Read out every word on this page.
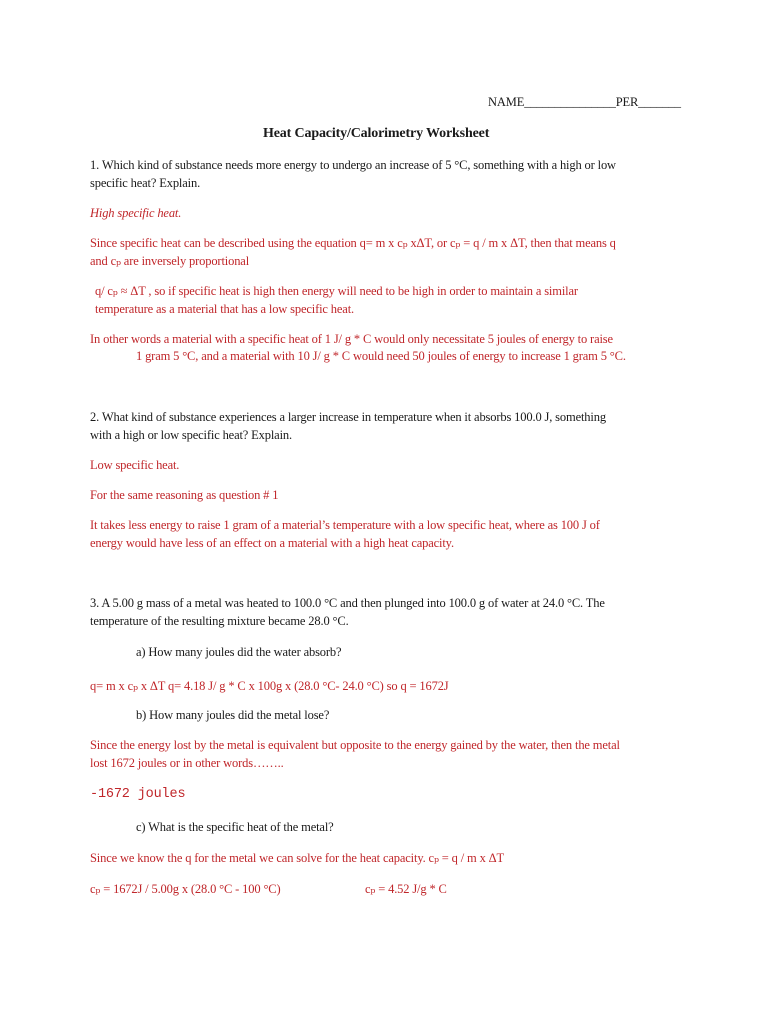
NAME_______________PER_______
Heat Capacity/Calorimetry Worksheet
1. Which kind of substance needs more energy to undergo an increase of 5 °C, something with a high or low
specific heat? Explain.
High specific heat.
Since specific heat can be described using the equation q= m x cₚ xΔT, or cₚ = q / m x ΔT, then that means q
and cₚ are inversely proportional
q/ cₚ ≈ ΔT , so if specific heat is high then energy will need to be high in order to maintain a similar
temperature as a material that has a low specific heat.
In other words a material with a specific heat of 1 J/ g * C would only necessitate 5 joules of energy to raise
1 gram 5 °C, and a material with 10 J/ g * C would need 50 joules of energy to increase 1 gram 5 °C.
2. What kind of substance experiences a larger increase in temperature when it absorbs 100.0 J, something
with a high or low specific heat? Explain.
Low specific heat.
For the same reasoning as question # 1
It takes less energy to raise 1 gram of a material’s temperature with a low specific heat, where as 100 J of
energy would have less of an effect on a material with a high heat capacity.
3. A 5.00 g mass of a metal was heated to 100.0 °C and then plunged into 100.0 g of water at 24.0 °C. The
temperature of the resulting mixture became 28.0 °C.
a) How many joules did the water absorb?
q= m x cₚ x ΔT q= 4.18 J/ g * C x 100g x (28.0 °C- 24.0 °C) so q = 1672J
b) How many joules did the metal lose?
Since the energy lost by the metal is equivalent but opposite to the energy gained by the water, then the metal
lost 1672 joules or in other words……..
-1672 joules
c) What is the specific heat of the metal?
Since we know the q for the metal we can solve for the heat capacity. cₚ = q / m x ΔT
cₚ = 1672J / 5.00g x (28.0 °C - 100 °C)	cₚ = 4.52 J/g * C
